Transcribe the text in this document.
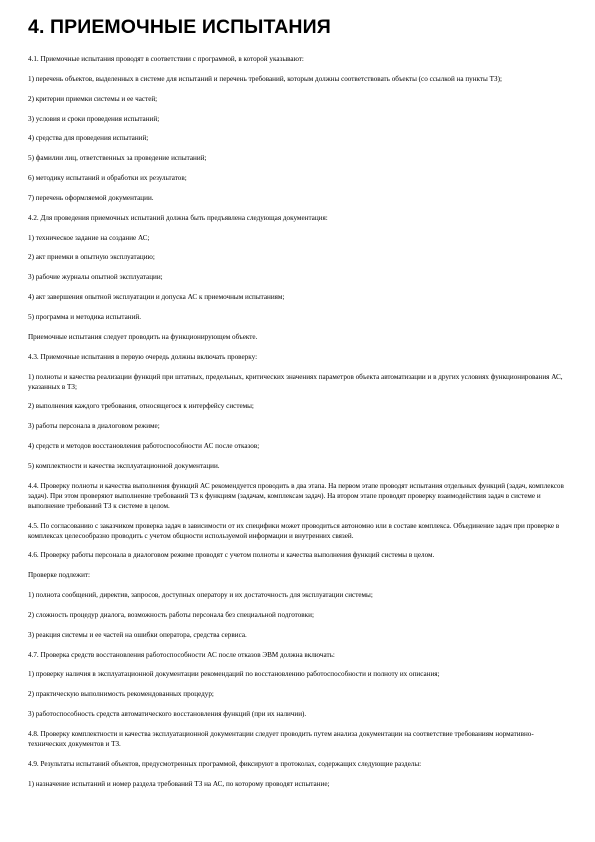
4. ПРИЕМОЧНЫЕ ИСПЫТАНИЯ

4.1. Приемочные испытания проводят в соответствии с программой, в которой указывают:

1) перечень объектов, выделенных в системе для испытаний и перечень требований, которым должны соответствовать объекты (со ссылкой на пункты ТЗ);

2) критерии приемки системы и ее частей;

3) условия и сроки проведения испытаний;

4) средства для проведения испытаний;

5) фамилии лиц, ответственных за проведение испытаний;

6) методику испытаний и обработки их результатов;

7) перечень оформляемой документации.

4.2. Для проведения приемочных испытаний должна быть предъявлена следующая документация:

1) техническое задание на создание АС;

2) акт приемки в опытную эксплуатацию;

3) рабочие журналы опытной эксплуатации;

4) акт завершения опытной эксплуатации и допуска АС к приемочным испытаниям;

5) программа и методика испытаний.

Приемочные испытания следует проводить на функционирующем объекте.

4.3. Приемочные испытания в первую очередь должны включать проверку:

1) полноты и качества реализации функций при штатных, предельных, критических значениях параметров объекта автоматизации и в других условиях функционирования АС, указанных в ТЗ;

2) выполнения каждого требования, относящегося к интерфейсу системы;

3) работы персонала в диалоговом режиме;

4) средств и методов восстановления работоспособности АС после отказов;

5) комплектности и качества эксплуатационной документации.

4.4. Проверку полноты и качества выполнения функций АС рекомендуется проводить в два этапа. На первом этапе проводят испытания отдельных функций (задач, комплексов задач). При этом проверяют выполнение требований ТЗ к функциям (задачам, комплексам задач). На втором этапе проводят проверку взаимодействия задач в системе и выполнение требований ТЗ к системе в целом.

4.5. По согласованию с заказчиком проверка задач в зависимости от их специфики может проводиться автономно или в составе комплекса. Объединение задач при проверке в комплексах целесообразно проводить с учетом общности используемой информации и внутренних связей.

4.6. Проверку работы персонала в диалоговом режиме проводят с учетом полноты и качества выполнения функций системы в целом.

Проверке подлежит:

1) полнота сообщений, директив, запросов, доступных оператору и их достаточность для эксплуатации системы;

2) сложность процедур диалога, возможность работы персонала без специальной подготовки;

3) реакция системы и ее частей на ошибки оператора, средства сервиса.

4.7. Проверка средств восстановления работоспособности АС после отказов ЭВМ должна включать:

1) проверку наличия в эксплуатационной документации рекомендаций по восстановлению работоспособности и полноту их описания;

2) практическую выполнимость рекомендованных процедур;

3) работоспособность средств автоматического восстановления функций (при их наличии).

4.8. Проверку комплектности и качества эксплуатационной документации следует проводить путем анализа документации на соответствие требованиям нормативно-технических документов и ТЗ.

4.9. Результаты испытаний объектов, предусмотренных программой, фиксируют в протоколах, содержащих следующие разделы:

1) назначение испытаний и номер раздела требований ТЗ на АС, по которому проводят испытание;
